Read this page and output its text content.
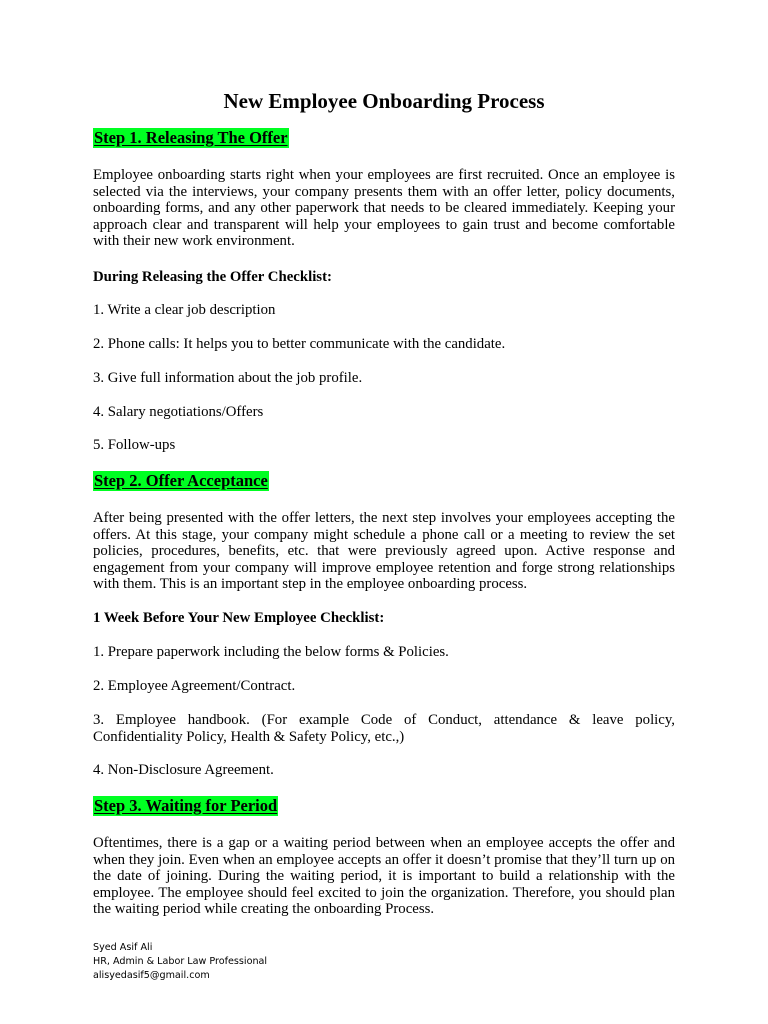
New Employee Onboarding Process
Step 1. Releasing The Offer

Employee onboarding starts right when your employees are first recruited. Once an employee is selected via the interviews, your company presents them with an offer letter, policy documents, onboarding forms, and any other paperwork that needs to be cleared immediately. Keeping your approach clear and transparent will help your employees to gain trust and become comfortable with their new work environment.

During Releasing the Offer Checklist:

1. Write a clear job description

2. Phone calls: It helps you to better communicate with the candidate.

3. Give full information about the job profile.

4. Salary negotiations/Offers

5. Follow-ups

Step 2. Offer Acceptance

After being presented with the offer letters, the next step involves your employees accepting the offers. At this stage, your company might schedule a phone call or a meeting to review the set policies, procedures, benefits, etc. that were previously agreed upon. Active response and engagement from your company will improve employee retention and forge strong relationships with them. This is an important step in the employee onboarding process.

1 Week Before Your New Employee Checklist:

1. Prepare paperwork including the below forms & Policies.

2. Employee Agreement/Contract.

3. Employee handbook. (For example Code of Conduct, attendance & leave policy, Confidentiality Policy, Health & Safety Policy, etc.,)

4. Non-Disclosure Agreement.

Step 3. Waiting for Period

Oftentimes, there is a gap or a waiting period between when an employee accepts the offer and when they join. Even when an employee accepts an offer it doesn’t promise that they’ll turn up on the date of joining. During the waiting period, it is important to build a relationship with the employee. The employee should feel excited to join the organization. Therefore, you should plan the waiting period while creating the onboarding Process.

Syed Asif Ali
HR, Admin & Labor Law Professional
alisyedasif5@gmail.com
